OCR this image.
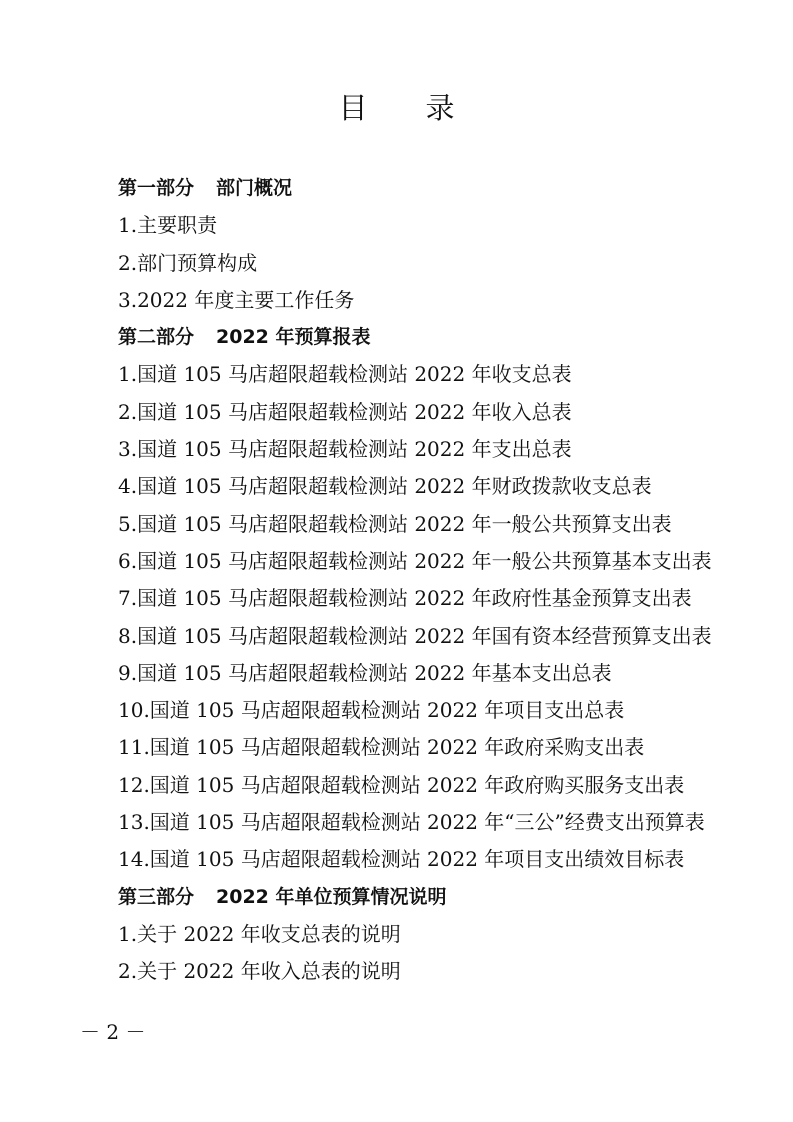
目 录
第一部分 部门概况
1.主要职责
2.部门预算构成
3.2022 年度主要工作任务
第二部分 2022 年预算报表
1.国道 105 马店超限超载检测站 2022 年收支总表
2.国道 105 马店超限超载检测站 2022 年收入总表
3.国道 105 马店超限超载检测站 2022 年支出总表
4.国道 105 马店超限超载检测站 2022 年财政拨款收支总表
5.国道 105 马店超限超载检测站 2022 年一般公共预算支出表
6.国道 105 马店超限超载检测站 2022 年一般公共预算基本支出表
7.国道 105 马店超限超载检测站 2022 年政府性基金预算支出表
8.国道 105 马店超限超载检测站 2022 年国有资本经营预算支出表
9.国道 105 马店超限超载检测站 2022 年基本支出总表
10.国道 105 马店超限超载检测站 2022 年项目支出总表
11.国道 105 马店超限超载检测站 2022 年政府采购支出表
12.国道 105 马店超限超载检测站 2022 年政府购买服务支出表
13.国道 105 马店超限超载检测站 2022 年“三公”经费支出预算表
14.国道 105 马店超限超载检测站 2022 年项目支出绩效目标表
第三部分 2022 年单位预算情况说明
1.关于 2022 年收支总表的说明
2.关于 2022 年收入总表的说明
－ 2 －
